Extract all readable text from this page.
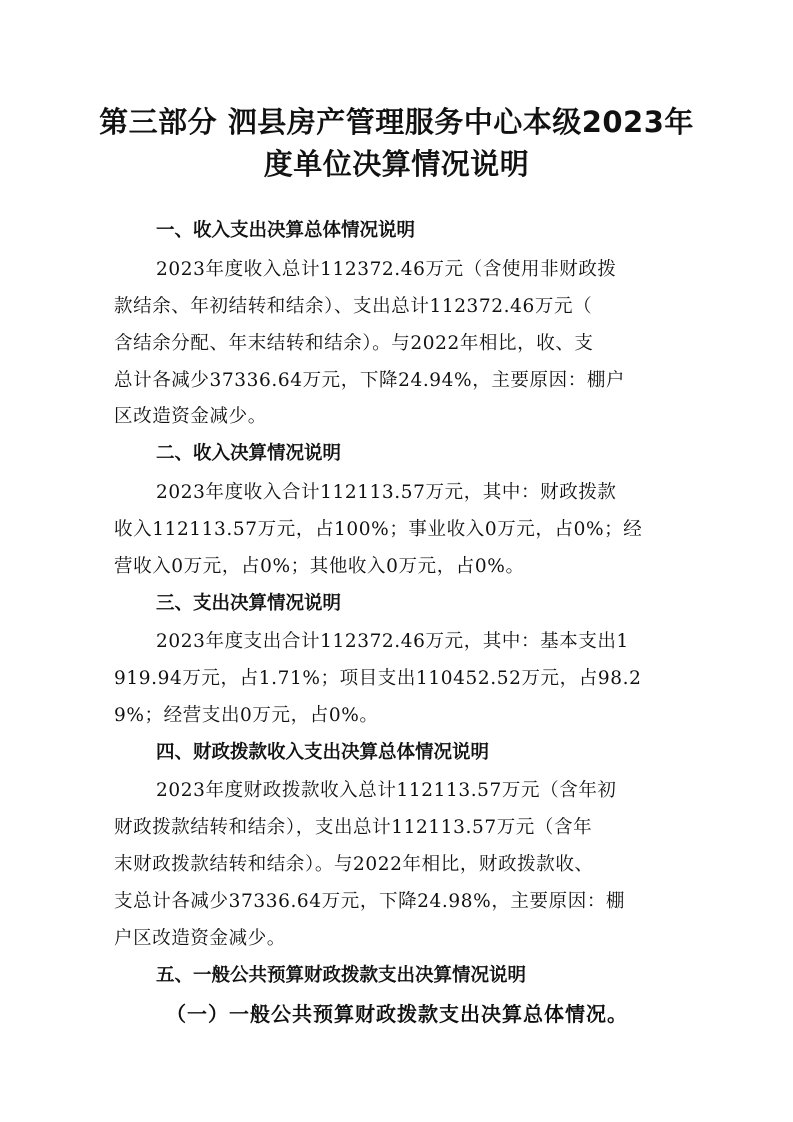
第三部分 泗县房产管理服务中心本级2023年
度单位决算情况说明
一、收入支出决算总体情况说明
2023年度收入总计112372.46万元（含使用非财政拨
款结余、年初结转和结余）、支出总计112372.46万元（
含结余分配、年末结转和结余）。与2022年相比，收、支
总计各减少37336.64万元，下降24.94%，主要原因：棚户
区改造资金减少。
二、收入决算情况说明
2023年度收入合计112113.57万元，其中：财政拨款
收入112113.57万元，占100%；事业收入0万元，占0%；经
营收入0万元，占0%；其他收入0万元，占0%。
三、支出决算情况说明
2023年度支出合计112372.46万元，其中：基本支出1
919.94万元，占1.71%；项目支出110452.52万元，占98.2
9%；经营支出0万元，占0%。
四、财政拨款收入支出决算总体情况说明
2023年度财政拨款收入总计112113.57万元（含年初
财政拨款结转和结余），支出总计112113.57万元（含年
末财政拨款结转和结余）。与2022年相比，财政拨款收、
支总计各减少37336.64万元，下降24.98%，主要原因：棚
户区改造资金减少。
五、一般公共预算财政拨款支出决算情况说明
（一）一般公共预算财政拨款支出决算总体情况。
